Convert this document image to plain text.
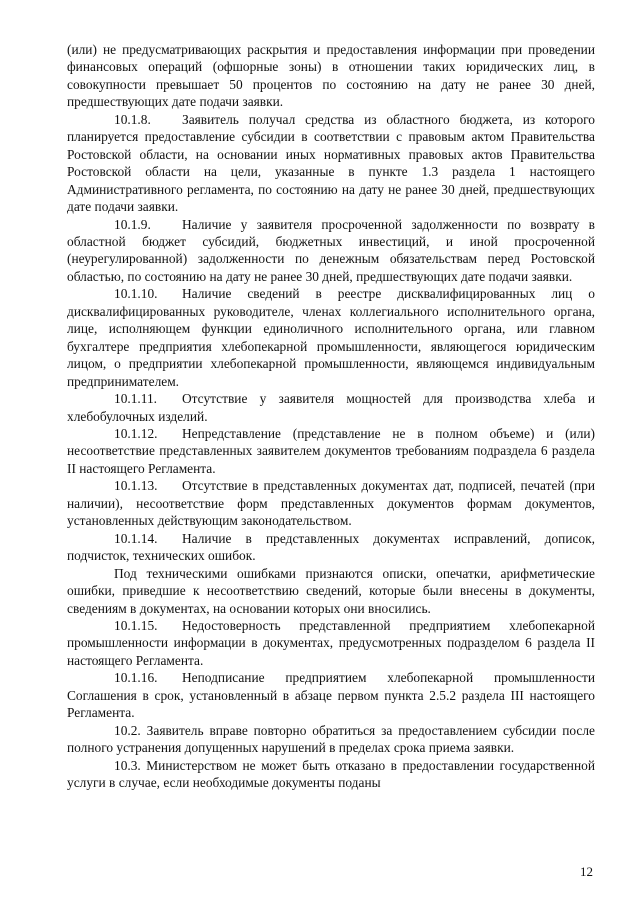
(или) не предусматривающих раскрытия и предоставления информации при проведении финансовых операций (офшорные зоны) в отношении таких юридических лиц, в совокупности превышает 50 процентов по состоянию на дату не ранее 30 дней, предшествующих дате подачи заявки.

10.1.8. Заявитель получал средства из областного бюджета, из которого планируется предоставление субсидии в соответствии с правовым актом Правительства Ростовской области, на основании иных нормативных правовых актов Правительства Ростовской области на цели, указанные в пункте 1.3 раздела 1 настоящего Административного регламента, по состоянию на дату не ранее 30 дней, предшествующих дате подачи заявки.

10.1.9. Наличие у заявителя просроченной задолженности по возврату в областной бюджет субсидий, бюджетных инвестиций, и иной просроченной (неурегулированной) задолженности по денежным обязательствам перед Ростовской областью, по состоянию на дату не ранее 30 дней, предшествующих дате подачи заявки.

10.1.10. Наличие сведений в реестре дисквалифицированных лиц о дисквалифицированных руководителе, членах коллегиального исполнительного органа, лице, исполняющем функции единоличного исполнительного органа, или главном бухгалтере предприятия хлебопекарной промышленности, являющегося юридическим лицом, о предприятии хлебопекарной промышленности, являющемся индивидуальным предпринимателем.

10.1.11. Отсутствие у заявителя мощностей для производства хлеба и хлебобулочных изделий.

10.1.12. Непредставление (представление не в полном объеме) и (или) несоответствие представленных заявителем документов требованиям подраздела 6 раздела II настоящего Регламента.

10.1.13. Отсутствие в представленных документах дат, подписей, печатей (при наличии), несоответствие форм представленных документов формам документов, установленных действующим законодательством.

10.1.14. Наличие в представленных документах исправлений, дописок, подчисток, технических ошибок.

Под техническими ошибками признаются описки, опечатки, арифметические ошибки, приведшие к несоответствию сведений, которые были внесены в документы, сведениям в документах, на основании которых они вносились.

10.1.15. Недостоверность представленной предприятием хлебопекарной промышленности информации в документах, предусмотренных подразделом 6 раздела II настоящего Регламента.

10.1.16. Неподписание предприятием хлебопекарной промышленности Соглашения в срок, установленный в абзаце первом пункта 2.5.2 раздела III настоящего Регламента.

10.2. Заявитель вправе повторно обратиться за предоставлением субсидии после полного устранения допущенных нарушений в пределах срока приема заявки.

10.3. Министерством не может быть отказано в предоставлении государственной услуги в случае, если необходимые документы поданы

12
